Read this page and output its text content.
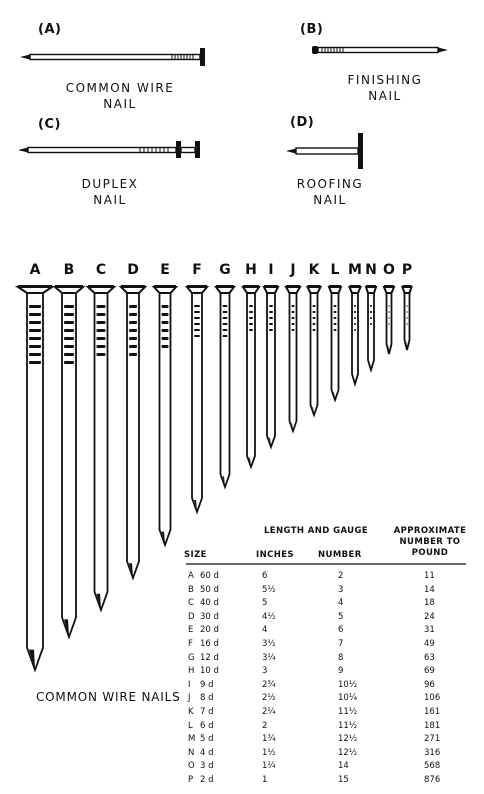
(A)	(B)
(C)	(D)
COMMON WIRE
NAIL
FINISHING
NAIL
DUPLEX
NAIL
ROOFING
NAIL
A	B	C	D	E	F	G	H I	J K L M N O P
COMMON WIRE NAILS
LENGTH AND GAUGE	APPROXIMATE
NUMBER TO
POUND
SIZE	INCHES	NUMBER
A 60 d	6	2	11
B 50 d	5½	3	14
C 40 d	5	4	18
D 30 d	4½	5	24
E 20 d	4	6	31
F 16 d	3½	7	49
G 12 d	3¼	8	63
H 10 d	3	9	69
I 9 d	2¾	10½	96
J 8 d	2½	10¼	106
K 7 d	2¼	11½	161
L 6 d	2	11½	181
M 5 d	1¾	12½	271
N 4 d	1½	12½	316
O 3 d	1¼	14	568
P 2 d	1	15	876
